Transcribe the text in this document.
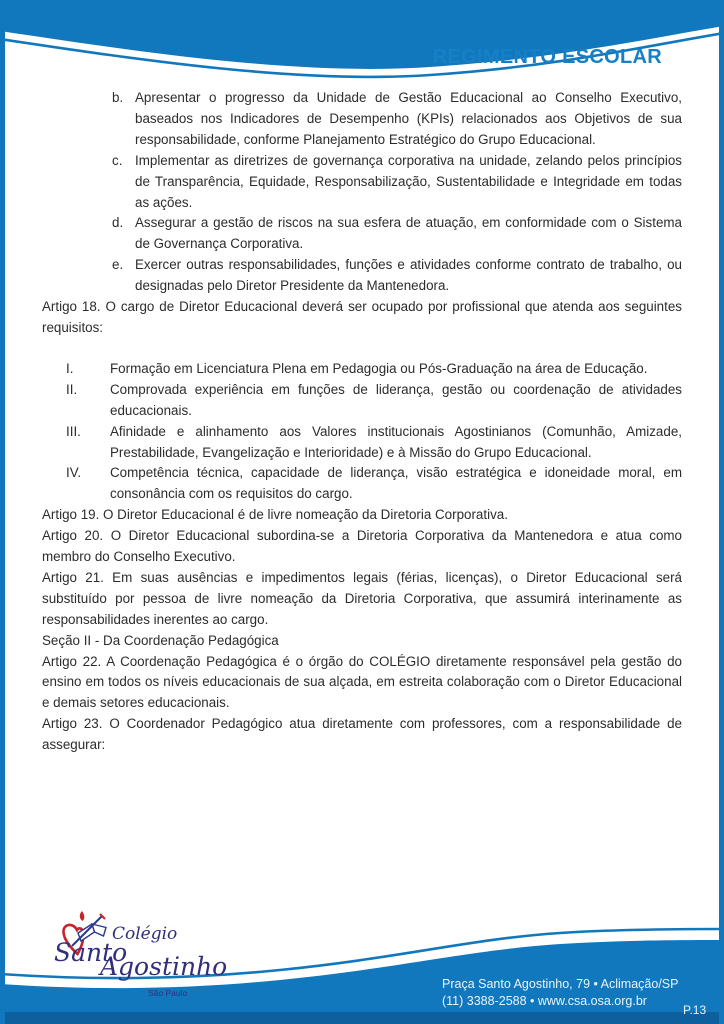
REGIMENTO ESCOLAR
b. Apresentar o progresso da Unidade de Gestão Educacional ao Conselho Executivo, baseados nos Indicadores de Desempenho (KPIs) relacionados aos Objetivos de sua responsabilidade, conforme Planejamento Estratégico do Grupo Educacional.
c. Implementar as diretrizes de governança corporativa na unidade, zelando pelos princípios de Transparência, Equidade, Responsabilização, Sustentabilidade e Integridade em todas as ações.
d. Assegurar a gestão de riscos na sua esfera de atuação, em conformidade com o Sistema de Governança Corporativa.
e. Exercer outras responsabilidades, funções e atividades conforme contrato de trabalho, ou designadas pelo Diretor Presidente da Mantenedora.

Artigo 18. O cargo de Diretor Educacional deverá ser ocupado por profissional que atenda aos seguintes requisitos:

I.	Formação em Licenciatura Plena em Pedagogia ou Pós-Graduação na área de Educação.
II.	Comprovada experiência em funções de liderança, gestão ou coordenação de atividades educacionais.
III.	Afinidade e alinhamento aos Valores institucionais Agostinianos (Comunhão, Amizade, Prestabilidade, Evangelização e Interioridade) e à Missão do Grupo Educacional.
IV.	Competência técnica, capacidade de liderança, visão estratégica e idoneidade moral, em consonância com os requisitos do cargo.

Artigo 19. O Diretor Educacional é de livre nomeação da Diretoria Corporativa.

Artigo 20. O Diretor Educacional subordina-se a Diretoria Corporativa da Mantenedora e atua como membro do Conselho Executivo.

Artigo 21. Em suas ausências e impedimentos legais (férias, licenças), o Diretor Educacional será substituído por pessoa de livre nomeação da Diretoria Corporativa, que assumirá interinamente as responsabilidades inerentes ao cargo.

Seção II - Da Coordenação Pedagógica

Artigo 22. A Coordenação Pedagógica é o órgão do COLÉGIO diretamente responsável pela gestão do ensino em todos os níveis educacionais de sua alçada, em estreita colaboração com o Diretor Educacional e demais setores educacionais.

Artigo 23. O Coordenador Pedagógico atua diretamente com professores, com a responsabilidade de assegurar:

Colégio
Santo
Agostinho
São Paulo
Praça Santo Agostinho, 79 • Aclimação/SP
(11) 3388-2588 • www.csa.osa.org.br
P.13
